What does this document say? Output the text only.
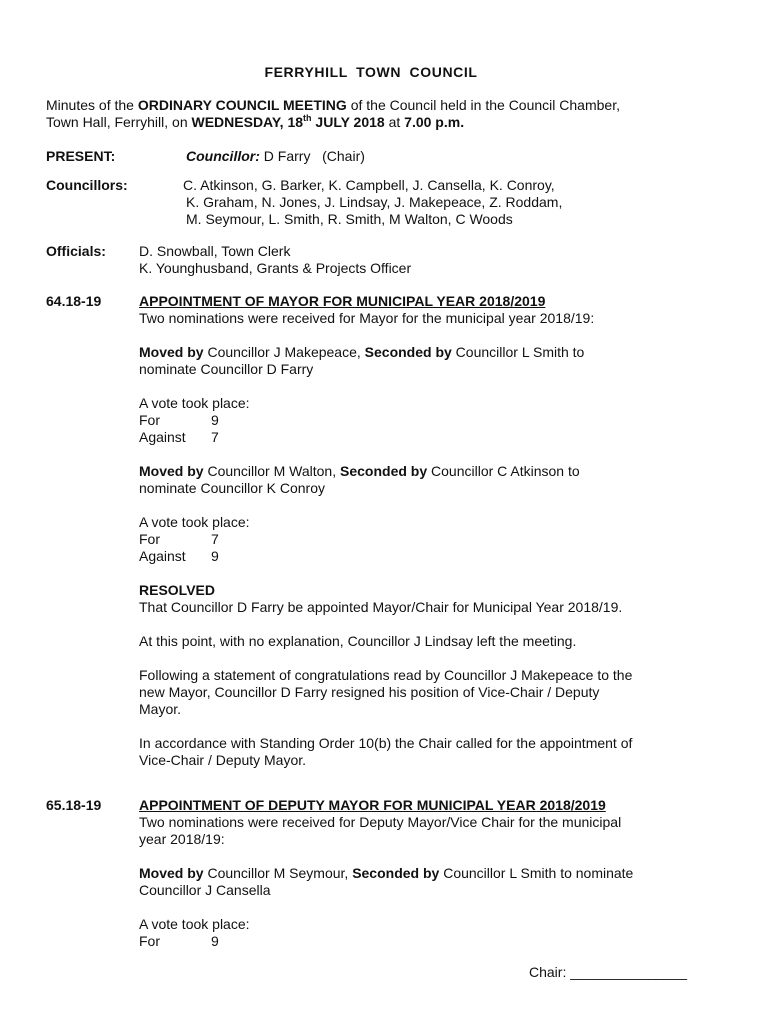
FERRYHILL TOWN COUNCIL
Minutes of the ORDINARY COUNCIL MEETING of the Council held in the Council Chamber,
Town Hall, Ferryhill, on WEDNESDAY, 18th JULY 2018 at 7.00 p.m.
PRESENT:	Councillor: D Farry   (Chair)
Councillors:	C. Atkinson, G. Barker, K. Campbell, J. Cansella, K. Conroy,
K. Graham, N. Jones, J. Lindsay, J. Makepeace, Z. Roddam,
M. Seymour, L. Smith, R. Smith, M Walton, C Woods
Officials: D. Snowball, Town Clerk
K. Younghusband, Grants & Projects Officer
64.18-19	APPOINTMENT OF MAYOR FOR MUNICIPAL YEAR 2018/2019
Two nominations were received for Mayor for the municipal year 2018/19:
Moved by Councillor J Makepeace, Seconded by Councillor L Smith to
nominate Councillor D Farry
A vote took place:
For	9
Against	7
Moved by Councillor M Walton, Seconded by Councillor C Atkinson to
nominate Councillor K Conroy
A vote took place:
For	7
Against	9
RESOLVED
That Councillor D Farry be appointed Mayor/Chair for Municipal Year 2018/19.
At this point, with no explanation, Councillor J Lindsay left the meeting.
Following a statement of congratulations read by Councillor J Makepeace to the
new Mayor, Councillor D Farry resigned his position of Vice-Chair / Deputy
Mayor.
In accordance with Standing Order 10(b) the Chair called for the appointment of
Vice-Chair / Deputy Mayor.
65.18-19	APPOINTMENT OF DEPUTY MAYOR FOR MUNICIPAL YEAR 2018/2019
Two nominations were received for Deputy Mayor/Vice Chair for the municipal
year 2018/19:
Moved by Councillor M Seymour, Seconded by Councillor L Smith to nominate
Councillor J Cansella
A vote took place:
For	9
Chair: _______________
